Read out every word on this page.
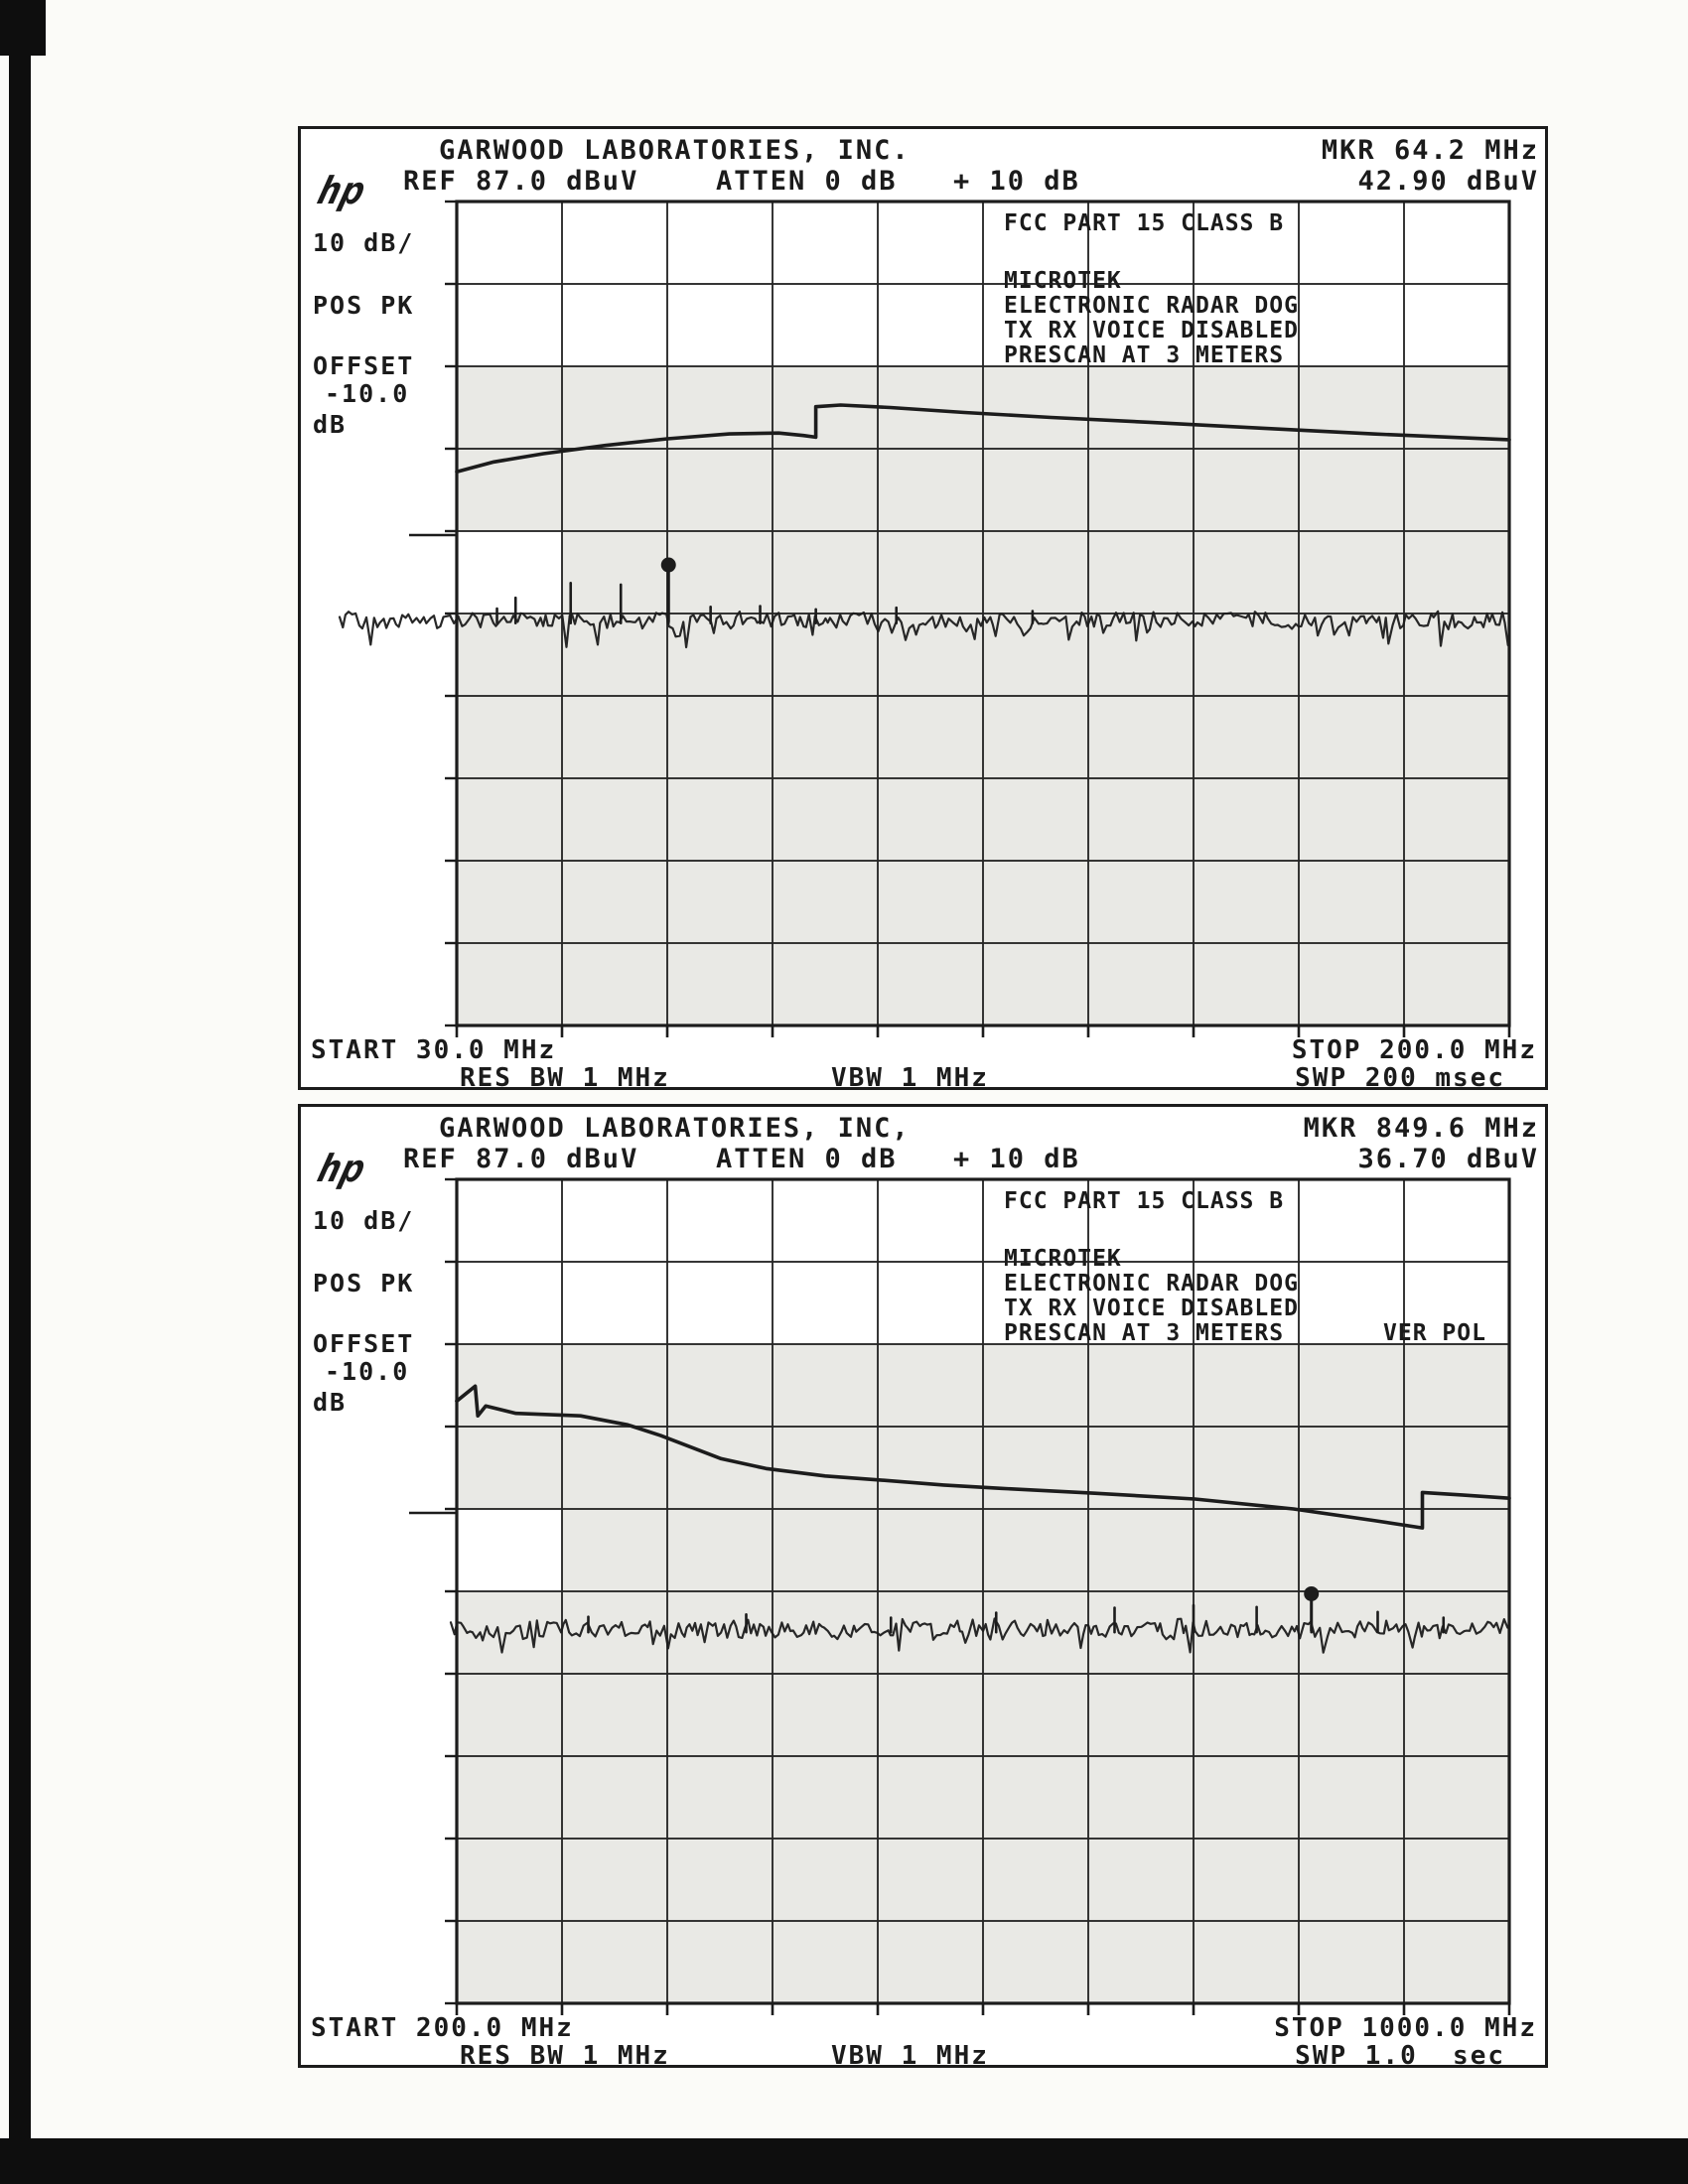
GARWOOD LABORATORIES, INC.	MKR 64.2 MHz
REF 87.0 dBuV	ATTEN 0 dB + 10 dB	42.90 dBuV
hp
10 dB/
POS PK
OFFSET
-10.0
dB
FCC PART 15 CLASS B
MICROTEK
ELECTRONIC RADAR DOG
TX RX VOICE DISABLED
PRESCAN AT 3 METERS
START 30.0 MHz	STOP 200.0 MHz
RES BW 1 MHz	VBW 1 MHz	SWP 200 msec
GARWOOD LABORATORIES, INC,	MKR 849.6 MHz
REF 87.0 dBuV	ATTEN 0 dB + 10 dB	36.70 dBuV
hp
10 dB/
POS PK
OFFSET
-10.0
dB
FCC PART 15 CLASS B
MICROTEK
ELECTRONIC RADAR DOG
TX RX VOICE DISABLED
PRESCAN AT 3 METERS	VER POL
START 200.0 MHz	STOP 1000.0 MHz
RES BW 1 MHz	VBW 1 MHz	SWP 1.0  sec
